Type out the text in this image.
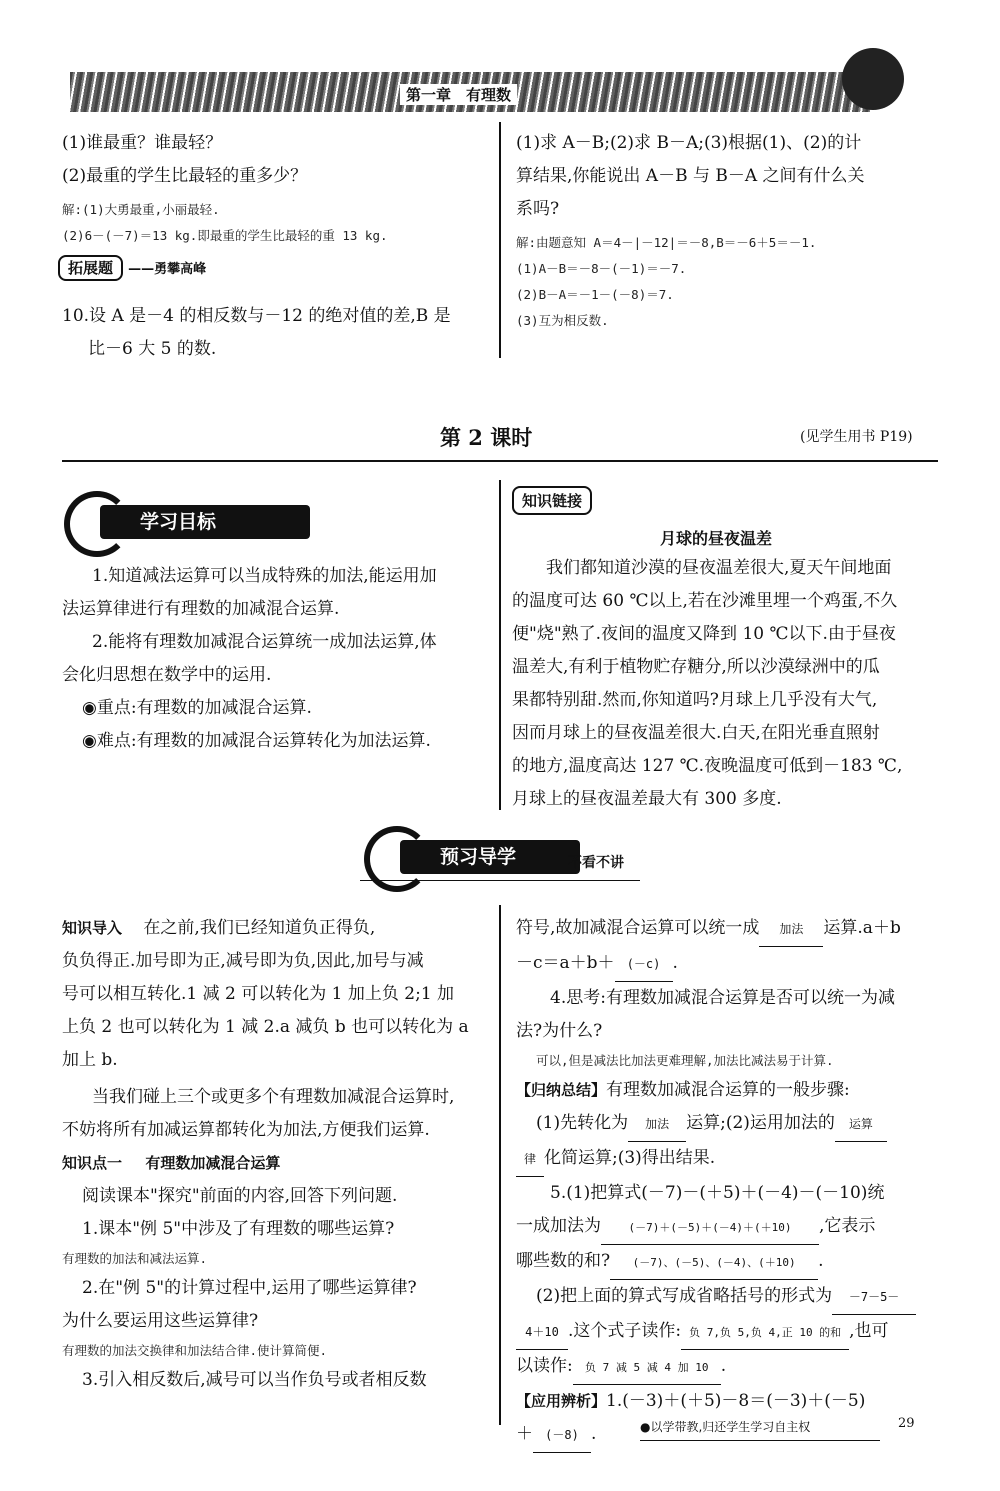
第一章　有理数
(1)谁最重？谁最轻？
(2)最重的学生比最轻的重多少？
解:(1)大勇最重,小丽最轻.
(2)6－(－7)＝13 kg.即最重的学生比最轻的重 13 kg.
拓展题 ——勇攀高峰
10.设 A 是－4 的相反数与－12 的绝对值的差,B 是
比－6 大 5 的数.
(1)求 A－B;(2)求 B－A;(3)根据(1)、(2)的计
算结果,你能说出 A－B 与 B－A 之间有什么关
系吗?
解:由题意知 A＝4－|－12|＝－8,B＝－6＋5＝－1.
(1)A－B＝－8－(－1)＝－7.
(2)B－A＝－1－(－8)＝7.
(3)互为相反数.
第 2 课时	(见学生用书 P19)
学习目标
1.知道减法运算可以当成特殊的加法,能运用加
法运算律进行有理数的加减混合运算.
2.能将有理数加减混合运算统一成加法运算,体
会化归思想在数学中的运用.
◉重点:有理数的加减混合运算.
◉难点:有理数的加减混合运算转化为加法运算.
知识链接
月球的昼夜温差
我们都知道沙漠的昼夜温差很大,夏天午间地面
的温度可达 60 ℃以上,若在沙滩里埋一个鸡蛋,不久
便"烧"熟了.夜间的温度又降到 10 ℃以下.由于昼夜
温差大,有利于植物贮存糖分,所以沙漠绿洲中的瓜
果都特别甜.然而,你知道吗?月球上几乎没有大气,
因而月球上的昼夜温差很大.白天,在阳光垂直照射
的地方,温度高达 127 ℃.夜晚温度可低到－183 ℃,
月球上的昼夜温差最大有 300 多度.
预习导学	不看不讲
知识导入 在之前,我们已经知道负正得负,
负负得正.加号即为正,减号即为负,因此,加号与减
号可以相互转化.1 减 2 可以转化为 1 加上负 2;1 加
上负 2 也可以转化为 1 减 2.a 减负 b 也可以转化为 a
加上 b.
当我们碰上三个或更多个有理数加减混合运算时,
不妨将所有加减运算都转化为加法,方便我们运算.
知识点一 有理数加减混合运算
阅读课本"探究"前面的内容,回答下列问题.
1.课本"例 5"中涉及了有理数的哪些运算?
有理数的加法和减法运算.
2.在"例 5"的计算过程中,运用了哪些运算律?
为什么要运用这些运算律?
有理数的加法交换律和加法结合律.使计算简便.
3.引入相反数后,减号可以当作负号或者相反数
符号,故加减混合运算可以统一成 加法 运算.a＋b
－c＝a＋b＋ (－c) .
4.思考:有理数加减混合运算是否可以统一为减
法?为什么?
可以,但是减法比加法更难理解,加法比减法易于计算.
【归纳总结】有理数加减混合运算的一般步骤:
(1)先转化为 加法 运算;(2)运用加法的 运算
律 化简运算;(3)得出结果.
5.(1)把算式(－7)－(＋5)＋(－4)－(－10)统
一成加法为 (－7)＋(－5)＋(－4)＋(＋10) ,它表示
哪些数的和? (－7)、(－5)、(－4)、(＋10) .
(2)把上面的算式写成省略括号的形式为 －7－5－
4＋10 .这个式子读作: 负 7,负 5,负 4,正 10 的和 ,也可
以读作: 负 7 减 5 减 4 加 10 .
【应用辨析】1.(－3)＋(＋5)－8＝(－3)＋(－5)
＋ (－8) .	●以学带教,归还学生学习自主权	29
